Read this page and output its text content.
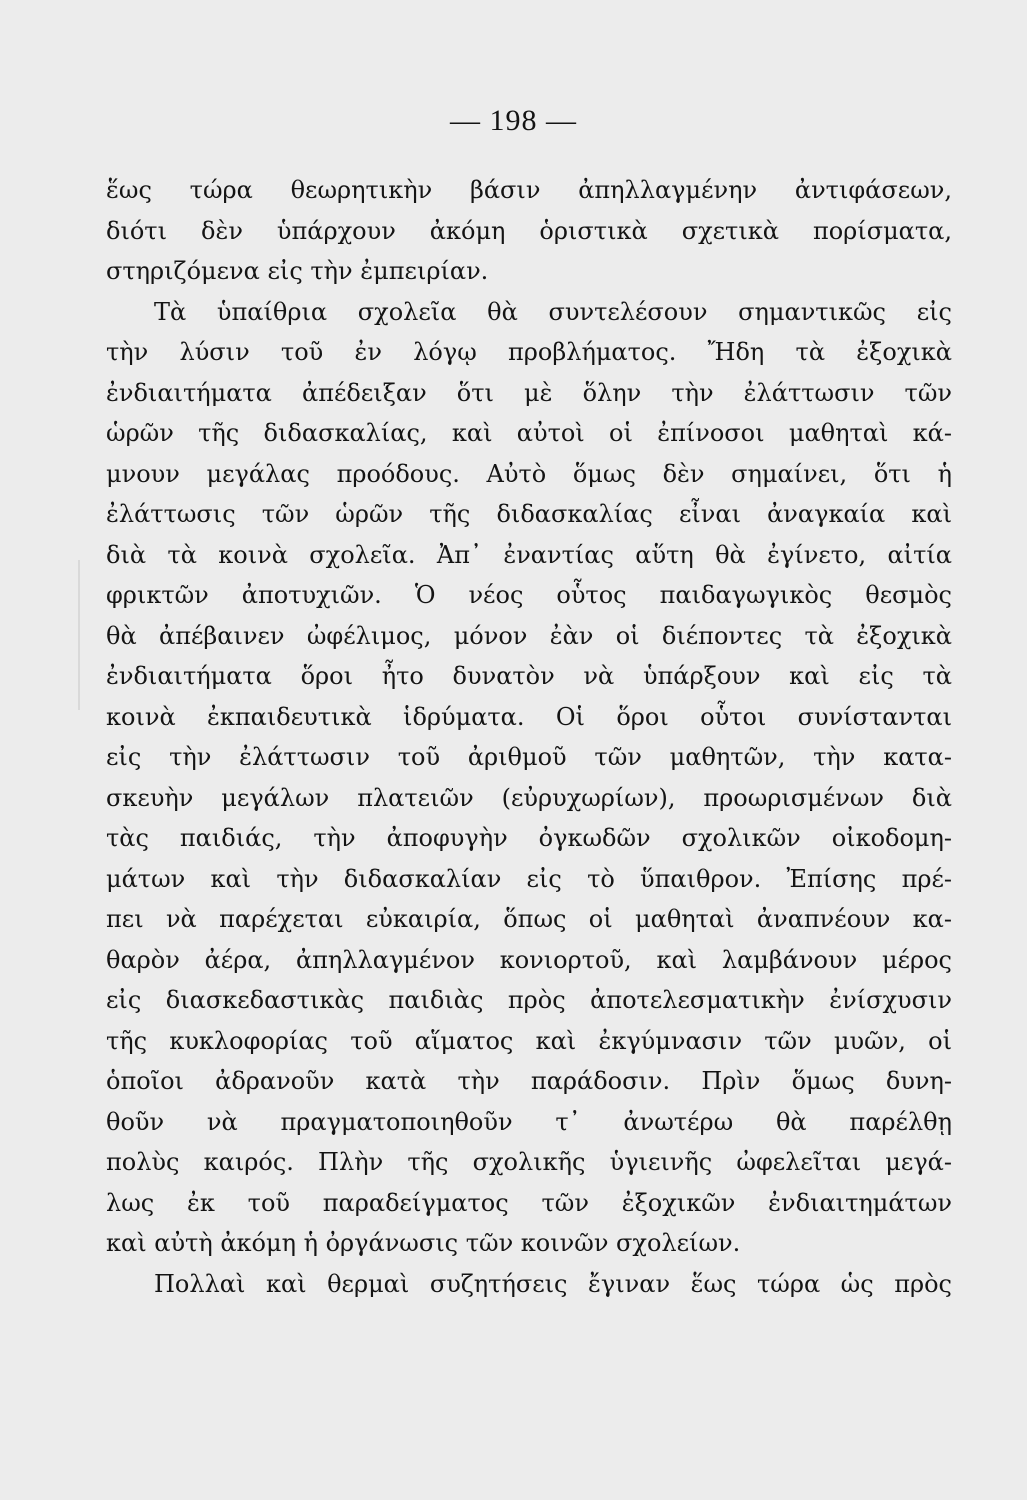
— 198 —
ἕως τώρα θεωρητικὴν βάσιν ἀπηλλαγμένην ἀντιφάσεων,
διότι δὲν ὑπάρχουν ἀκόμη ὁριστικὰ σχετικὰ πορίσματα,
στηριζόμενα εἰς τὴν ἐμπειρίαν.
Τὰ ὑπαίθρια σχολεῖα θὰ συντελέσουν σημαντικῶς εἰς
τὴν λύσιν τοῦ ἐν λόγῳ προβλήματος. Ἤδη τὰ ἐξοχικὰ
ἐνδιαιτήματα ἀπέδειξαν ὅτι μὲ ὅλην τὴν ἐλάττωσιν τῶν
ὡρῶν τῆς διδασκαλίας, καὶ αὐτοὶ οἱ ἐπίνοσοι μαθηταὶ κά-
μνουν μεγάλας προόδους. Αὐτὸ ὅμως δὲν σημαίνει, ὅτι ἡ
ἐλάττωσις τῶν ὡρῶν τῆς διδασκαλίας εἶναι ἀναγκαία καὶ
διὰ τὰ κοινὰ σχολεῖα. Ἀπ᾿ ἐναντίας αὕτη θὰ ἐγίνετο, αἰτία
φρικτῶν ἀποτυχιῶν. Ὁ νέος οὗτος παιδαγωγικὸς θεσμὸς
θὰ ἀπέβαινεν ὠφέλιμος, μόνον ἐὰν οἱ διέποντες τὰ ἐξοχικὰ
ἐνδιαιτήματα ὅροι ἦτο δυνατὸν νὰ ὑπάρξουν καὶ εἰς τὰ
κοινὰ ἐκπαιδευτικὰ ἱδρύματα. Οἱ ὅροι οὗτοι συνίστανται
εἰς τὴν ἐλάττωσιν τοῦ ἀριθμοῦ τῶν μαθητῶν, τὴν κατα-
σκευὴν μεγάλων πλατειῶν (εὐρυχωρίων), προωρισμένων διὰ
τὰς παιδιάς, τὴν ἀποφυγὴν ὀγκωδῶν σχολικῶν οἰκοδομη-
μάτων καὶ τὴν διδασκαλίαν εἰς τὸ ὕπαιθρον. Ἐπίσης πρέ-
πει νὰ παρέχεται εὐκαιρία, ὅπως οἱ μαθηταὶ ἀναπνέουν κα-
θαρὸν ἀέρα, ἀπηλλαγμένον κονιορτοῦ, καὶ λαμβάνουν μέρος
εἰς διασκεδαστικὰς παιδιὰς πρὸς ἀποτελεσματικὴν ἐνίσχυσιν
τῆς κυκλοφορίας τοῦ αἵματος καὶ ἐκγύμνασιν τῶν μυῶν, οἱ
ὁποῖοι ἀδρανοῦν κατὰ τὴν παράδοσιν. Πρὶν ὅμως δυνη-
θοῦν νὰ πραγματοποιηθοῦν τ᾿ ἀνωτέρω θὰ παρέλθῃ
πολὺς καιρός. Πλὴν τῆς σχολικῆς ὑγιεινῆς ὠφελεῖται μεγά-
λως ἐκ τοῦ παραδείγματος τῶν ἐξοχικῶν ἐνδιαιτημάτων
καὶ αὐτὴ ἀκόμη ἡ ὀργάνωσις τῶν κοινῶν σχολείων.
Πολλαὶ καὶ θερμαὶ συζητήσεις ἔγιναν ἕως τώρα ὡς πρὸς
